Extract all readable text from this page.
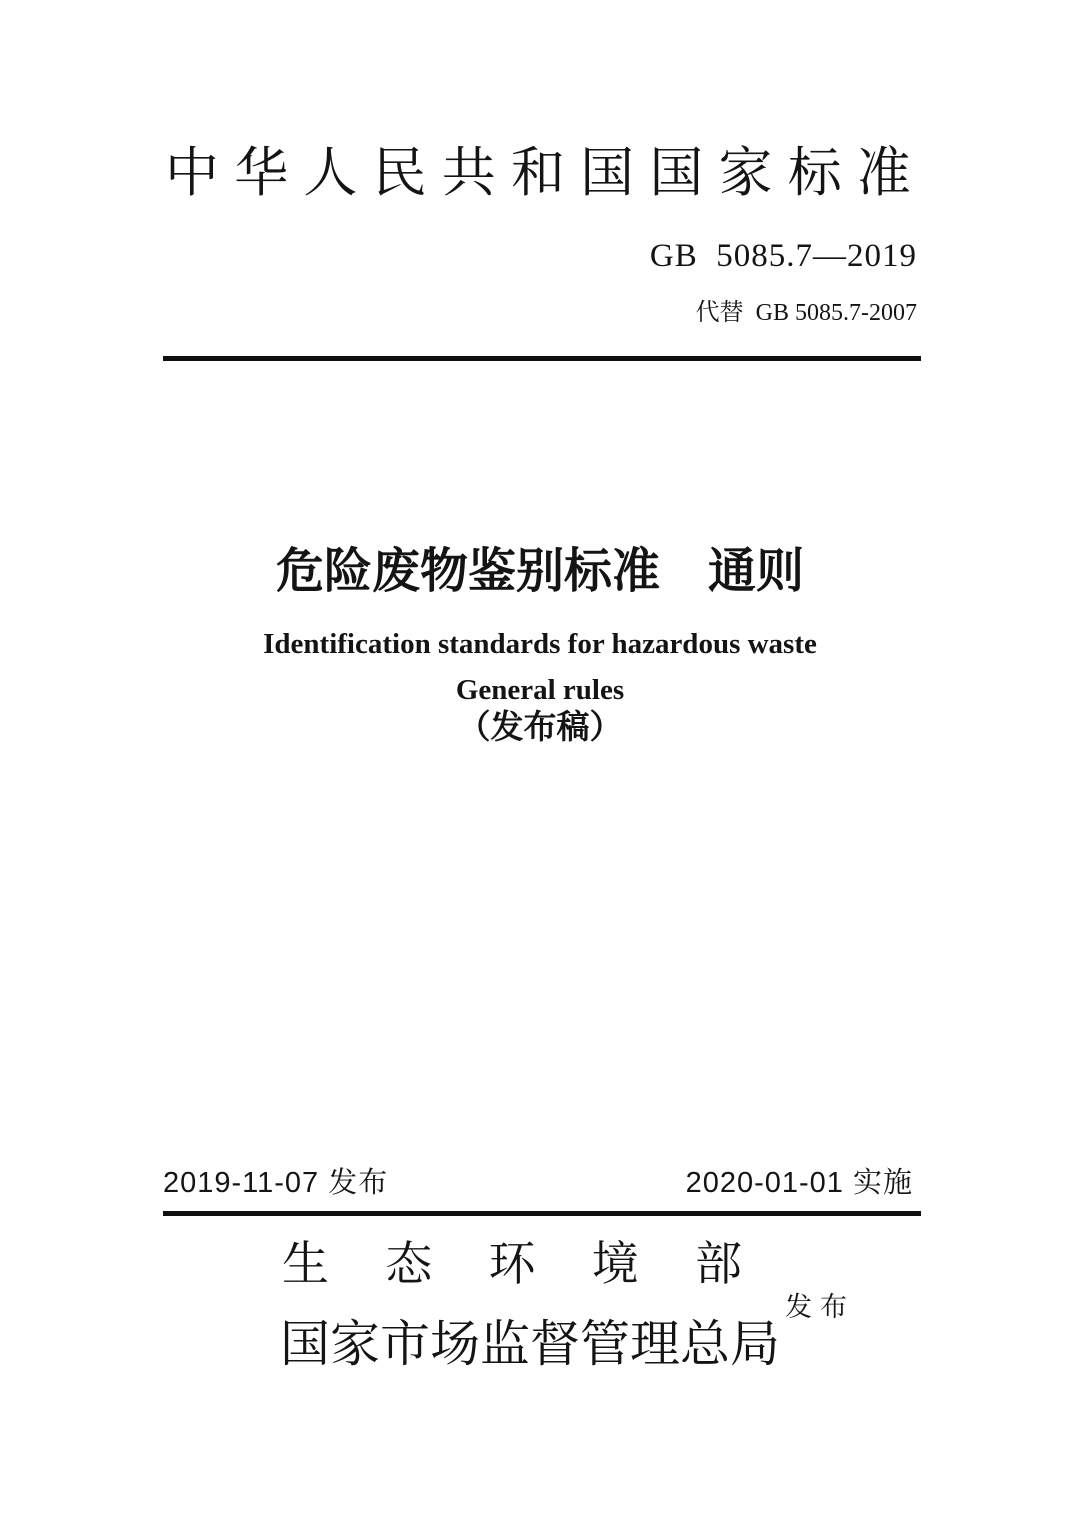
中 华 人 民 共 和 国 国 家 标 准
GB  5085.7—2019
代替  GB 5085.7-2007
危险废物鉴别标准　通则
Identification standards for hazardous waste
General rules
（发布稿）
2019-11-07 发布	2020-01-01 实施
生 态 环 境 部
国 家 市 场 监 督 管 理 总 局
发 布
